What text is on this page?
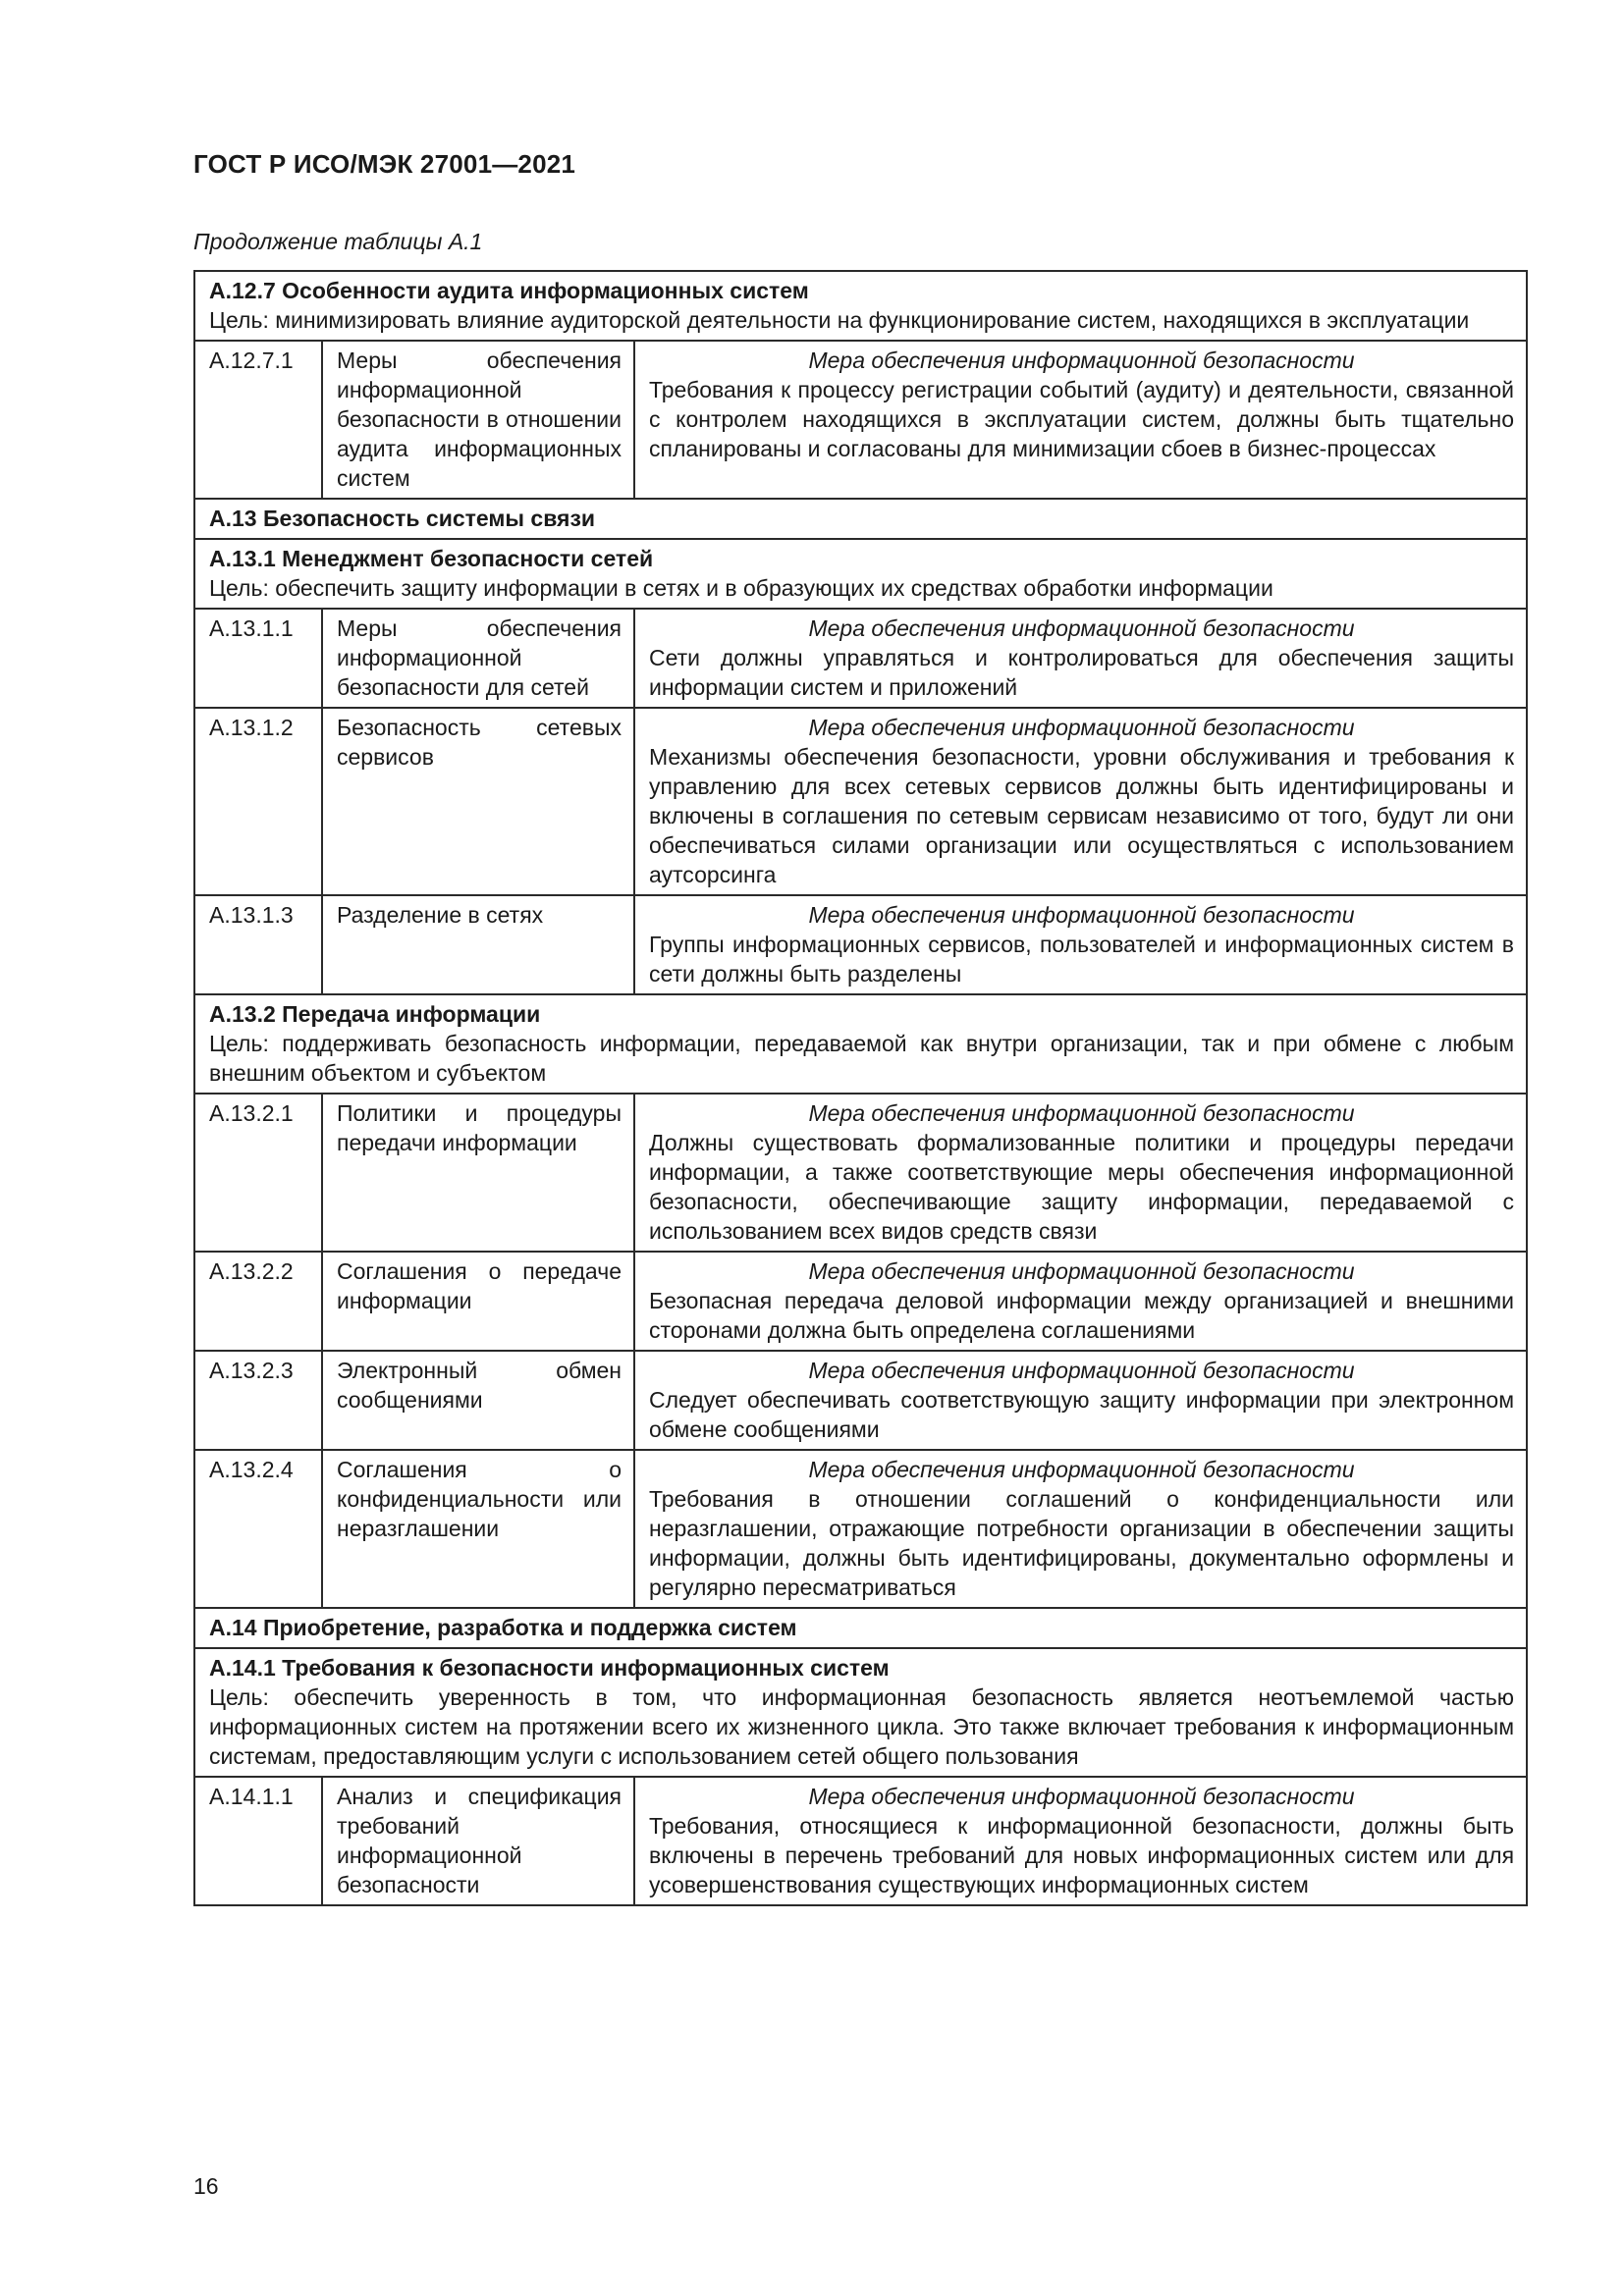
ГОСТ Р ИСО/МЭК 27001—2021
Продолжение таблицы А.1
А.12.7 Особенности аудита информационных систем
Цель: минимизировать влияние аудиторской деятельности на функционирование систем, находящихся в эксплуатации		

А.12.7.1	Меры обеспечения информационной безопасности в отношении аудита информационных систем	Мера обеспечения информационной безопасности
Требования к процессу регистрации событий (аудиту) и деятельности, связанной с контролем находящихся в эксплуатации систем, должны быть тщательно спланированы и согласованы для минимизации сбоев в бизнес-процессах

А.13 Безопасность системы связи		

А.13.1 Менеджмент безопасности сетей
Цель: обеспечить защиту информации в сетях и в образующих их средствах обработки информации		

А.13.1.1	Меры обеспечения информационной безопасности для сетей	Мера обеспечения информационной безопасности
Сети должны управляться и контролироваться для обеспечения защиты информации систем и приложений
А.13.1.2	Безопасность сетевых сервисов	Мера обеспечения информационной безопасности
Механизмы обеспечения безопасности, уровни обслуживания и требования к управлению для всех сетевых сервисов должны быть идентифицированы и включены в соглашения по сетевым сервисам независимо от того, будут ли они обеспечиваться силами организации или осуществляться с использованием аутсорсинга
А.13.1.3	Разделение в сетях	Мера обеспечения информационной безопасности
Группы информационных сервисов, пользователей и информационных систем в сети должны быть разделены

А.13.2 Передача информации
Цель: поддерживать безопасность информации, передаваемой как внутри организации, так и при обмене с любым внешним объектом и субъектом		

А.13.2.1	Политики и процедуры передачи информации	Мера обеспечения информационной безопасности
Должны существовать формализованные политики и процедуры передачи информации, а также соответствующие меры обеспечения информационной безопасности, обеспечивающие защиту информации, передаваемой с использованием всех видов средств связи
А.13.2.2	Соглашения о передаче информации	Мера обеспечения информационной безопасности
Безопасная передача деловой информации между организацией и внешними сторонами должна быть определена соглашениями
А.13.2.3	Электронный обмен сообщениями	Мера обеспечения информационной безопасности
Следует обеспечивать соответствующую защиту информации при электронном обмене сообщениями
А.13.2.4	Соглашения о конфиденциальности или неразглашении	Мера обеспечения информационной безопасности
Требования в отношении соглашений о конфиденциальности или неразглашении, отражающие потребности организации в обеспечении защиты информации, должны быть идентифицированы, документально оформлены и регулярно пересматриваться

А.14 Приобретение, разработка и поддержка систем		

А.14.1 Требования к безопасности информационных систем
Цель: обеспечить уверенность в том, что информационная безопасность является неотъемлемой частью информационных систем на протяжении всего их жизненного цикла. Это также включает требования к информационным системам, предоставляющим услуги с использованием сетей общего пользования		

А.14.1.1	Анализ и спецификация требований информационной безопасности	Мера обеспечения информационной безопасности
Требования, относящиеся к информационной безопасности, должны быть включены в перечень требований для новых информационных систем или для усовершенствования существующих информационных систем
16
